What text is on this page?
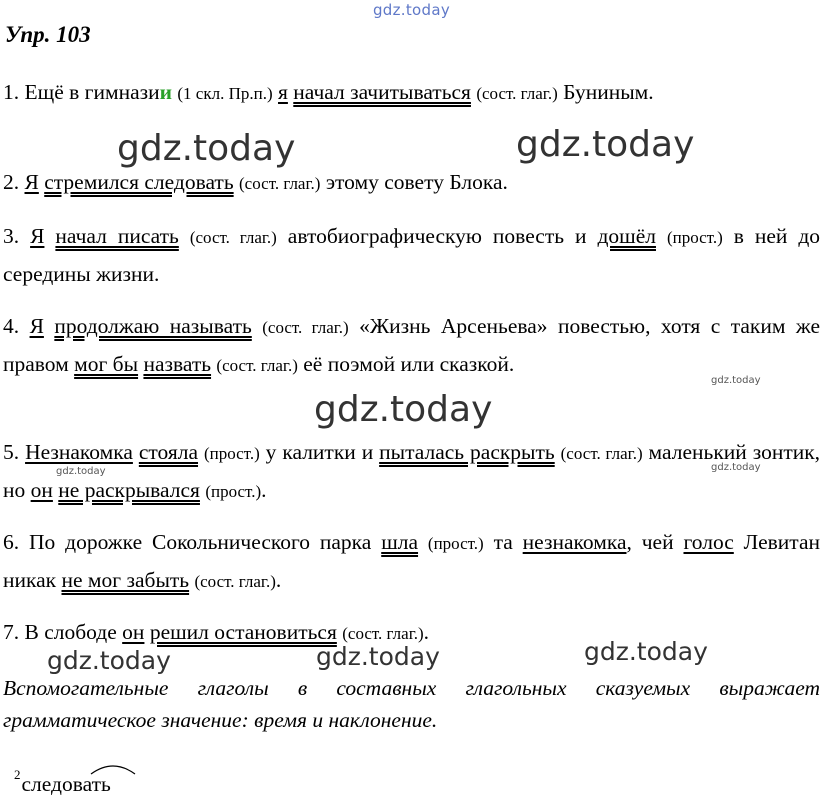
gdz.today
Упр. 103

1. Ещё в гимназии (1 скл. Пр.п.) я начал зачитываться (сост. глаг.) Буниным.

2. Я стремился следовать (сост. глаг.) этому совету Блока.

3. Я начал писать (сост. глаг.) автобиографическую повесть и дошёл (прост.) в ней до середины жизни.

4. Я продолжаю называть (сост. глаг.) «Жизнь Арсеньева» повестью, хотя с таким же правом мог бы назвать (сост. глаг.) её поэмой или сказкой.

5. Незнакомка стояла (прост.) у калитки и пыталась раскрыть (сост. глаг.) маленький зонтик, но он не раскрывался (прост.).

6. По дорожке Сокольнического парка шла (прост.) та незнакомка, чей голос Левитан никак не мог забыть (сост. глаг.).

7. В слободе он решил остановиться (сост. глаг.).

Вспомогательные глаголы в составных глагольных сказуемых выражает грамматическое значение: время и наклонение.

$^2$следовать
gdz.today	gdz.today
gdz.today
gdz.today
gdz.today
gdz.today
gdz.today	gdz.today	gdz.today
